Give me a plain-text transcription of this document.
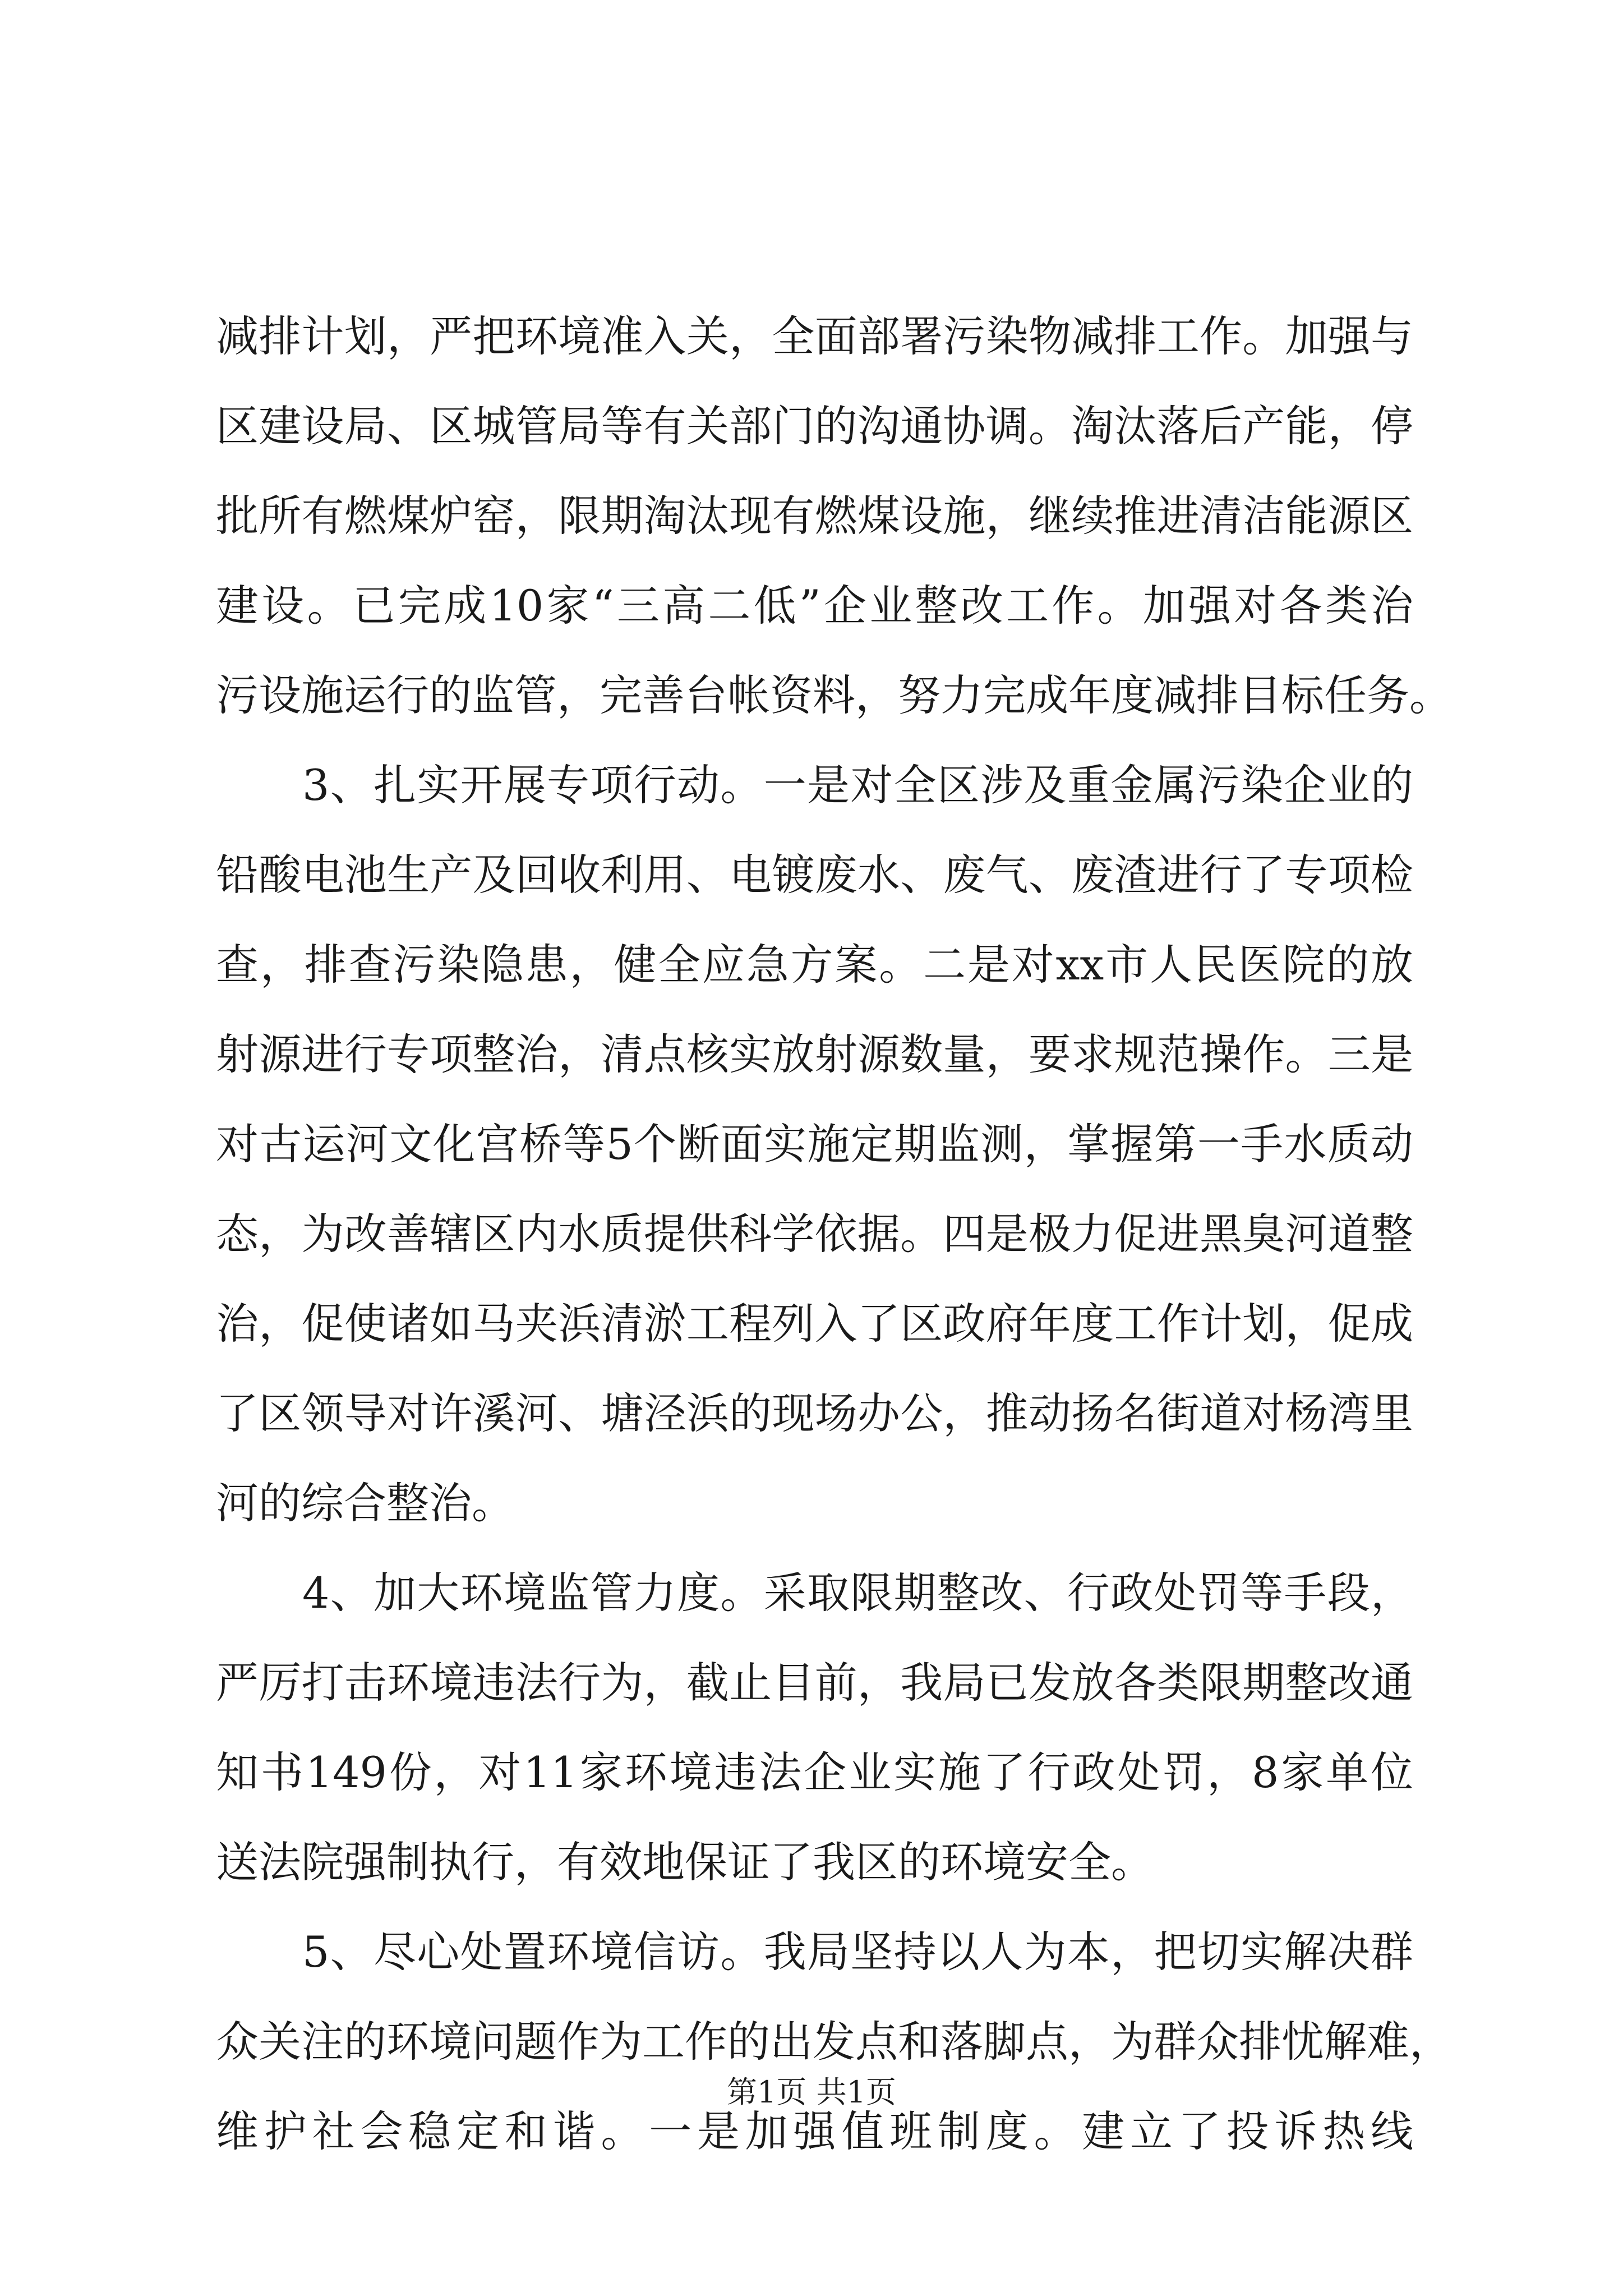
减排计划，严把环境准入关，全面部署污染物减排工作。加强与
区建设局、区城管局等有关部门的沟通协调。淘汰落后产能，停
批所有燃煤炉窑，限期淘汰现有燃煤设施，继续推进清洁能源区
建设。已完成10家“三高二低”企业整改工作。加强对各类治
污设施运行的监管，完善台帐资料，努力完成年度减排目标任务。
3、扎实开展专项行动。一是对全区涉及重金属污染企业的
铅酸电池生产及回收利用、电镀废水、废气、废渣进行了专项检
查，排查污染隐患，健全应急方案。二是对xx市人民医院的放
射源进行专项整治，清点核实放射源数量，要求规范操作。三是
对古运河文化宫桥等5个断面实施定期监测，掌握第一手水质动
态，为改善辖区内水质提供科学依据。四是极力促进黑臭河道整
治，促使诸如马夹浜清淤工程列入了区政府年度工作计划，促成
了区领导对许溪河、塘泾浜的现场办公，推动扬名街道对杨湾里
河的综合整治。
4、加大环境监管力度。采取限期整改、行政处罚等手段，
严厉打击环境违法行为，截止目前，我局已发放各类限期整改通
知书149份，对11家环境违法企业实施了行政处罚，8家单位
送法院强制执行，有效地保证了我区的环境安全。
5、尽心处置环境信访。我局坚持以人为本，把切实解决群
众关注的环境问题作为工作的出发点和落脚点，为群众排忧解难，
维护社会稳定和谐。一是加强值班制度。建立了投诉热线
第1页 共1页
